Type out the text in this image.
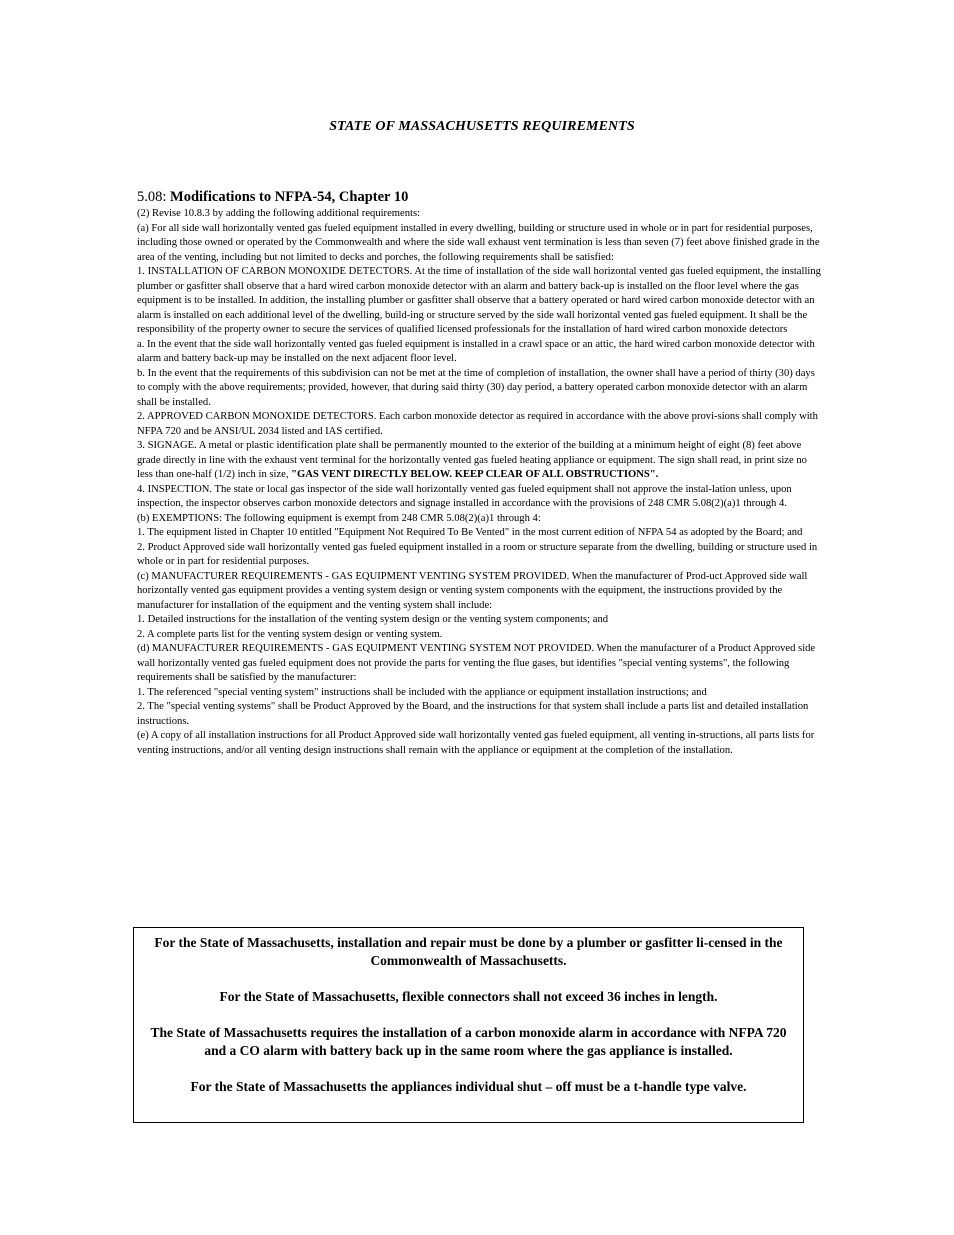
STATE OF MASSACHUSETTS REQUIREMENTS
5.08: Modifications to NFPA-54, Chapter 10

(2) Revise 10.8.3 by adding the following additional requirements:

(a) For all side wall horizontally vented gas fueled equipment installed in every dwelling, building or structure used in whole or in part for residential purposes, including those owned or operated by the Commonwealth and where the side wall exhaust vent termination is less than seven (7) feet above finished grade in the area of the venting, including but not limited to decks and porches, the following requirements shall be satisfied:

1. INSTALLATION OF CARBON MONOXIDE DETECTORS. At the time of installation of the side wall horizontal vented gas fueled equipment, the installing plumber or gasfitter shall observe that a hard wired carbon monoxide detector with an alarm and battery back-up is installed on the floor level where the gas equipment is to be installed. In addition, the installing plumber or gasfitter shall observe that a battery operated or hard wired carbon monoxide detector with an alarm is installed on each additional level of the dwelling, build-ing or structure served by the side wall horizontal vented gas fueled equipment. It shall be the responsibility of the property owner to secure the services of qualified licensed professionals for the installation of hard wired carbon monoxide detectors

a. In the event that the side wall horizontally vented gas fueled equipment is installed in a crawl space or an attic, the hard wired carbon monoxide detector with alarm and battery back-up may be installed on the next adjacent floor level.

b. In the event that the requirements of this subdivision can not be met at the time of completion of installation, the owner shall have a period of thirty (30) days to comply with the above requirements; provided, however, that during said thirty (30) day period, a battery operated carbon monoxide detector with an alarm shall be installed.

2. APPROVED CARBON MONOXIDE DETECTORS. Each carbon monoxide detector as required in accordance with the above provi-sions shall comply with NFPA 720 and be ANSI/UL 2034 listed and IAS certified.

3. SIGNAGE. A metal or plastic identification plate shall be permanently mounted to the exterior of the building at a minimum height of eight (8) feet above grade directly in line with the exhaust vent terminal for the horizontally vented gas fueled heating appliance or equipment. The sign shall read, in print size no less than one-half (1/2) inch in size, "GAS VENT DIRECTLY BELOW. KEEP CLEAR OF ALL OBSTRUCTIONS".

4. INSPECTION. The state or local gas inspector of the side wall horizontally vented gas fueled equipment shall not approve the instal-lation unless, upon inspection, the inspector observes carbon monoxide detectors and signage installed in accordance with the provisions of 248 CMR 5.08(2)(a)1 through 4.

(b) EXEMPTIONS: The following equipment is exempt from 248 CMR 5.08(2)(a)1 through 4:

1. The equipment listed in Chapter 10 entitled "Equipment Not Required To Be Vented" in the most current edition of NFPA 54 as adopted by the Board; and

2. Product Approved side wall horizontally vented gas fueled equipment installed in a room or structure separate from the dwelling, building or structure used in whole or in part for residential purposes.

(c) MANUFACTURER REQUIREMENTS - GAS EQUIPMENT VENTING SYSTEM PROVIDED. When the manufacturer of Prod-uct Approved side wall horizontally vented gas equipment provides a venting system design or venting system components with the equipment, the instructions provided by the manufacturer for installation of the equipment and the venting system shall include:

1. Detailed instructions for the installation of the venting system design or the venting system components; and

2. A complete parts list for the venting system design or venting system.

(d) MANUFACTURER REQUIREMENTS - GAS EQUIPMENT VENTING SYSTEM NOT PROVIDED. When the manufacturer of a Product Approved side wall horizontally vented gas fueled equipment does not provide the parts for venting the flue gases, but identifies "special venting systems", the following requirements shall be satisfied by the manufacturer:

1. The referenced "special venting system" instructions shall be included with the appliance or equipment installation instructions; and

2. The "special venting systems" shall be Product Approved by the Board, and the instructions for that system shall include a parts list and detailed installation instructions.

(e) A copy of all installation instructions for all Product Approved side wall horizontally vented gas fueled equipment, all venting in-structions, all parts lists for venting instructions, and/or all venting design instructions shall remain with the appliance or equipment at the completion of the installation.

For the State of Massachusetts, installation and repair must be done by a plumber or gasfitter li-censed in the Commonwealth of Massachusetts.

For the State of Massachusetts, flexible connectors shall not exceed 36 inches in length.

The State of Massachusetts requires the installation of a carbon monoxide alarm in accordance with NFPA 720 and a CO alarm with battery back up in the same room where the gas appliance is installed.

For the State of Massachusetts the appliances individual shut – off must be a t-handle type valve.
